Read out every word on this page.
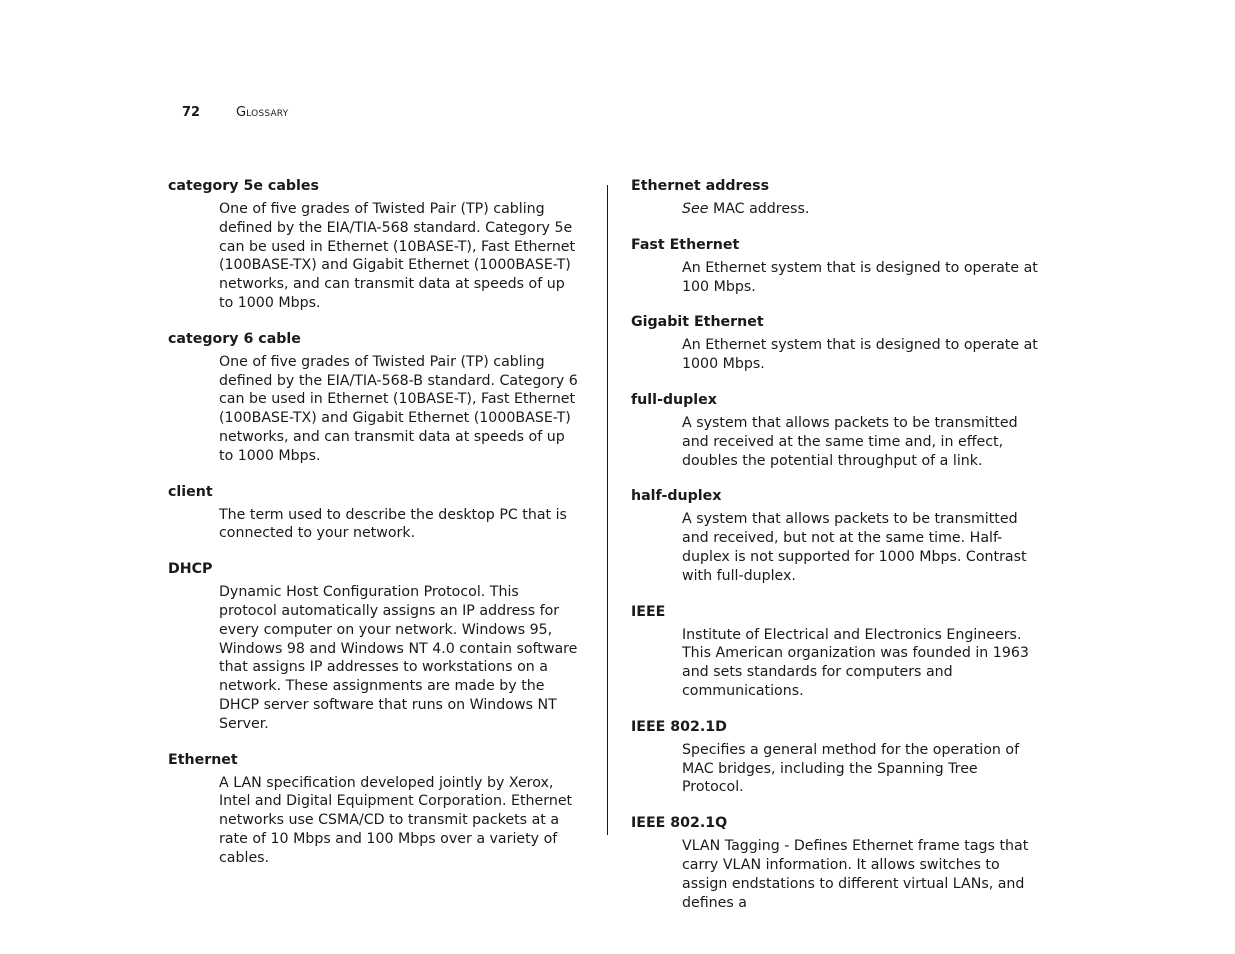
72	Glossary
category 5e cables
One of five grades of Twisted Pair (TP) cabling defined by the EIA/TIA-568 standard. Category 5e can be used in Ethernet (10BASE-T), Fast Ethernet (100BASE-TX) and Gigabit Ethernet (1000BASE-T) networks, and can transmit data at speeds of up to 1000 Mbps.
category 6 cable
One of five grades of Twisted Pair (TP) cabling defined by the EIA/TIA-568-B standard. Category 6 can be used in Ethernet (10BASE-T), Fast Ethernet (100BASE-TX) and Gigabit Ethernet (1000BASE-T) networks, and can transmit data at speeds of up to 1000 Mbps.
client
The term used to describe the desktop PC that is connected to your network.
DHCP
Dynamic Host Configuration Protocol. This protocol automatically assigns an IP address for every computer on your network. Windows 95, Windows 98 and Windows NT 4.0 contain software that assigns IP addresses to workstations on a network. These assignments are made by the DHCP server software that runs on Windows NT Server.
Ethernet
A LAN specification developed jointly by Xerox, Intel and Digital Equipment Corporation. Ethernet networks use CSMA/CD to transmit packets at a rate of 10 Mbps and 100 Mbps over a variety of cables.
Ethernet address
See MAC address.
Fast Ethernet
An Ethernet system that is designed to operate at 100 Mbps.
Gigabit Ethernet
An Ethernet system that is designed to operate at 1000 Mbps.
full-duplex
A system that allows packets to be transmitted and received at the same time and, in effect, doubles the potential throughput of a link.
half-duplex
A system that allows packets to be transmitted and received, but not at the same time. Half-duplex is not supported for 1000 Mbps. Contrast with full-duplex.
IEEE
Institute of Electrical and Electronics Engineers. This American organization was founded in 1963 and sets standards for computers and communications.
IEEE 802.1D
Specifies a general method for the operation of MAC bridges, including the Spanning Tree Protocol.
IEEE 802.1Q
VLAN Tagging - Defines Ethernet frame tags that carry VLAN information. It allows switches to assign endstations to different virtual LANs, and defines a
